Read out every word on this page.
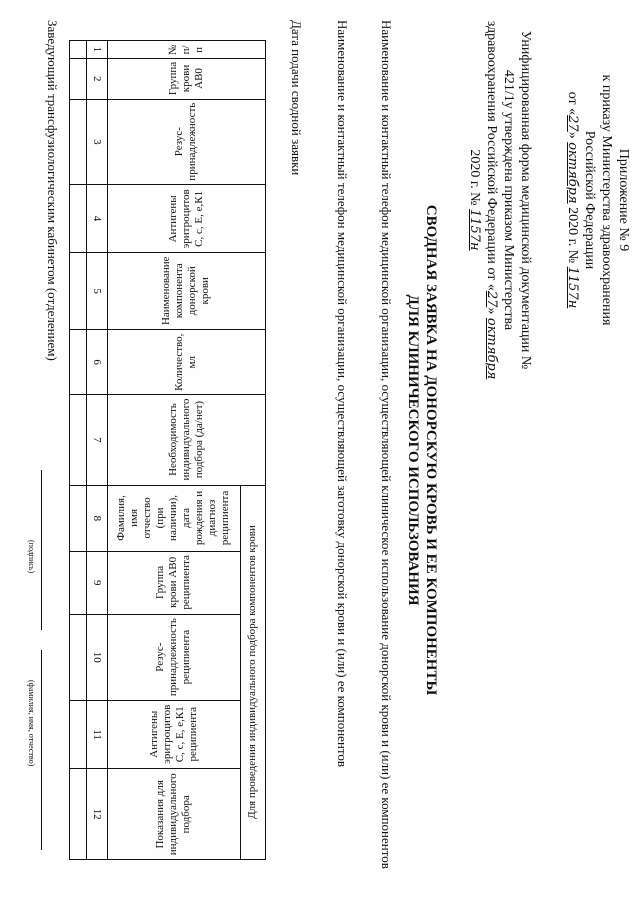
Приложение № 9
к приказу Министерства здравоохранения
Российской Федерации
от «27» октября 2020 г. № 1157н
Унифицированная форма медицинской документации № 421/1у утверждена приказом Министерства здравоохранения Российской Федерации от «27» октября 2020 г. № 1157н
СВОДНАЯ ЗАЯВКА НА ДОНОРСКУЮ КРОВЬ И ЕЕ КОМПОНЕНТЫ
ДЛЯ КЛИНИЧЕСКОГО ИСПОЛЬЗОВАНИЯ
Наименование и контактный телефон медицинской организации, осуществляющей клиническое использование донорской крови и (или) ее компонентов
Наименование и контактный телефон медицинской организации, осуществляющей заготовку донорской крови и (или) ее компонентов
Дата подачи сводной заявки
№ п/п	Группа крови АВ0	Резус-принадлежность	Антигены эритроцитов С, с, Е, е,К1	Наименование компонента донорской крови	Количество, мл	Необходимость индивидуального подбора (да/нет)	Для проведения индивидуального подбора компонентов крови				
							Фамилия, имя отчество (при наличии), дата рождения и диагноз реципиента	Группа крови АВ0 реципиента	Резус-принадлежность реципиента	Антигены эритроцитов С, с, Е, е,К1 реципиента	Показания для индивидуального подбора
1	2	3	4	5	6	7	8	9	10	11	12

Заведующий трансфузиологическим кабинетом (отделением)
(подпись)
(фамилия, имя, отчество)
